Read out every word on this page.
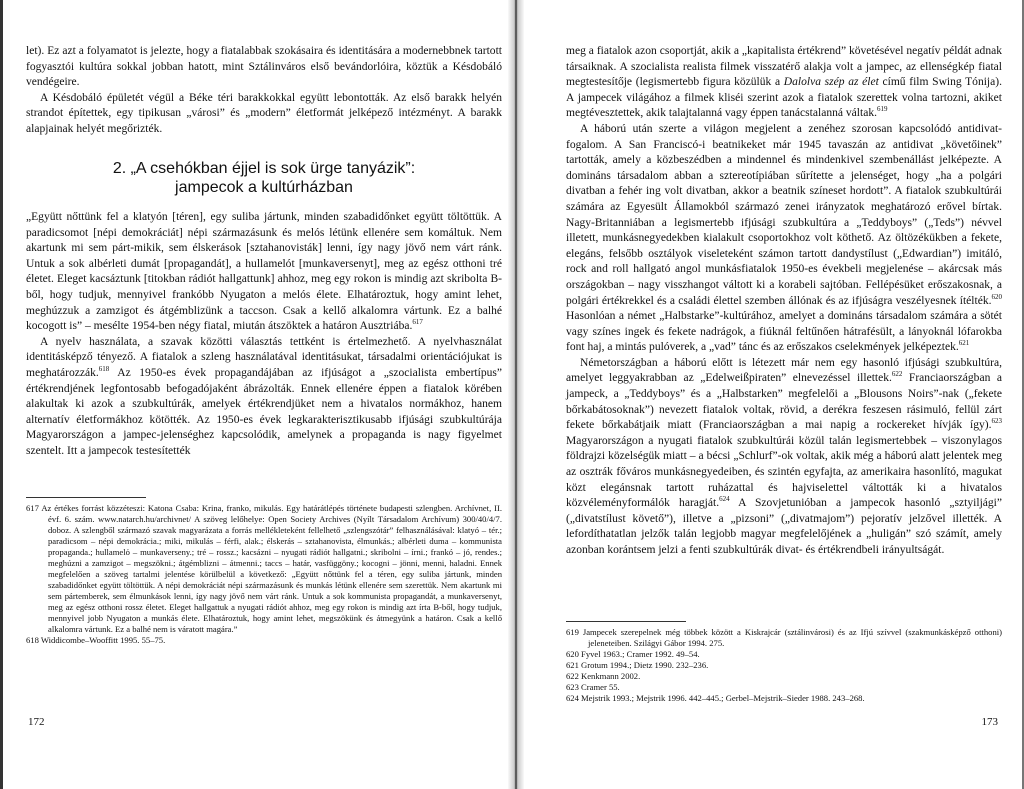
let). Ez azt a folyamatot is jelezte, hogy a fiatalabbak szokásaira és identitására a modernebbnek tartott fogyasztói kultúra sokkal jobban hatott, mint Sztálinváros első bevándorlóira, köztük a Késdobáló vendégeire.

A Késdobáló épületét végül a Béke téri barakkokkal együtt lebontották. Az első barakk helyén strandot építettek, egy tipikusan „városi” és „modern” életformát jelképező intézményt. A barakk alapjainak helyét megőrizték.

2. „A csehókban éjjel is sok ürge tanyázik”:
jampecok a kultúrházban

„Együtt nőttünk fel a klatyón [téren], egy suliba jártunk, minden szabadidőnket együtt töltöttük. A paradicsomot [népi demokráciát] népi származásunk és melós létünk ellenére sem komáltuk. Nem akartunk mi sem párt-mikik, sem élskerások [sztahanovisták] lenni, így nagy jövő nem várt ránk. Untuk a sok albérleti dumát [propagandát], a hullamelót [munkaversenyt], meg az egész otthoni tré életet. Eleget kacsáztunk [titokban rádiót hallgattunk] ahhoz, meg egy rokon is mindig azt skribolta B-ből, hogy tudjuk, mennyivel frankóbb Nyugaton a melós élete. Elhatároztuk, hogy amint lehet, meghúzzuk a zamzigot és átgémblizünk a taccson. Csak a kellő alkalomra vártunk. Ez a balhé kocogott is” – mesélte 1954-ben négy fiatal, miután átszöktek a határon Ausztriába.$^{617}$

A nyelv használata, a szavak közötti választás tettként is értelmezhető. A nyelvhasználat identitásképző tényező. A fiatalok a szleng használatával identitásukat, társadalmi orientációjukat is meghatározzák.$^{618}$ Az 1950-es évek propagandájában az ifjúságot a „szocialista embertípus” értékrendjének legfontosabb befogadójaként ábrázolták. Ennek ellenére éppen a fiatalok körében alakultak ki azok a szubkultúrák, amelyek értékrendjüket nem a hivatalos normákhoz, hanem alternatív életformákhoz kötötték. Az 1950-es évek legkarakterisztikusabb ifjúsági szubkultúrája Magyarországon a jampec-jelenséghez kapcsolódik, amelynek a propaganda is nagy figyelmet szentelt. Itt a jampecok testesítették

617 Az értékes forrást közzéteszi: Katona Csaba: Krina, franko, mikulás. Egy határátlépés története budapesti szlengben. Archívnet, II. évf. 6. szám. www.natarch.hu/archivnet/ A szöveg lelőhelye: Open Society Archives (Nyílt Társadalom Archívum) 300/40/4/7. doboz. A szlengből származó szavak magyarázata a forrás mellékleteként fellelhető „szlengszótár” felhasználásával: klatyó – tér.; paradicsom – népi demokrácia.; miki, mikulás – férfi, alak.; élskerás – sztahanovista, élmunkás.; albérleti duma – kommunista propaganda.; hullamelό – munkaverseny.; tré – rossz.; kacsázni – nyugati rádiót hallgatni.; skribolni – írni.; frankó – jó, rendes.; meghúzni a zamzigot – megszökni.; átgémblizni – átmenni.; taccs – határ, vasfüggöny.; kocogni – jönni, menni, haladni. Ennek megfelelően a szöveg tartalmi jelentése körülbelül a következő: „Együtt nőttünk fel a téren, egy suliba jártunk, minden szabadidőnket együtt töltöttük. A népi demokráciát népi származásunk és munkás létünk ellenére sem szerettük. Nem akartunk mi sem pártemberek, sem élmunkások lenni, így nagy jövő nem várt ránk. Untuk a sok kommunista propagandát, a munkaversenyt, meg az egész otthoni rossz életet. Eleget hallgattuk a nyugati rádiót ahhoz, meg egy rokon is mindig azt írta B-ből, hogy tudjuk, mennyivel jobb Nyugaton a munkás élete. Elhatároztuk, hogy amint lehet, megszökünk és átmegyünk a határon. Csak a kellő alkalomra vártunk. Ez a balhé nem is váratott magára.”

618 Widdicombe–Wooffitt 1995. 55–75.

172

meg a fiatalok azon csoportját, akik a „kapitalista értékrend” követésével negatív példát adnak társaiknak. A szocialista realista filmek visszatérő alakja volt a jampec, az ellenségkép fiatal megtestesítője (legismertebb figura közülük a Dalolva szép az élet című film Swing Tónija). A jampecek világához a filmek kliséi szerint azok a fiatalok szerettek volna tartozni, akiket megtévesztettek, akik talajtalanná vagy éppen tanácstalanná váltak.$^{619}$

A háború után szerte a világon megjelent a zenéhez szorosan kapcsolódó antidivat-fogalom. A San Franciscó-i beatnikeket már 1945 tavaszán az antidivat „követőinek” tartották, amely a közbeszédben a mindennel és mindenkivel szembenállást jelképezte. A domináns társadalom abban a sztereotípiában sűrítette a jelenséget, hogy „ha a polgári divatban a fehér ing volt divatban, akkor a beatnik színeset hordott”. A fiatalok szubkultúrái számára az Egyesült Államokból származó zenei irányzatok meghatározó erővel bírtak. Nagy-Britanniában a legismertebb ifjúsági szubkultúra a „Teddyboys” („Teds”) névvel illetett, munkásnegyedekben kialakult csoportokhoz volt köthető. Az öltözékükben a fekete, elegáns, felsőbb osztályok viseleteként számon tartott dandystílust („Edwardian”) imitáló, rock and roll hallgató angol munkásfiatalok 1950-es évekbeli megjelenése – akárcsak más országokban – nagy visszhangot váltott ki a korabeli sajtóban. Fellépésüket erőszakosnak, a polgári értékrekkel és a családi élettel szemben állónak és az ifjúságra veszélyesnek ítélték.$^{620}$ Hasonlóan a német „Halbstarke”-kultúrához, amelyet a domináns társadalom számára a sötét vagy színes ingek és fekete nadrágok, a fiúknál feltűnően hátrafésült, a lányoknál lófarokba font haj, a mintás pulóverek, a „vad” tánc és az erőszakos cselekmények jelképeztek.$^{621}$

Németországban a háború előtt is létezett már nem egy hasonló ifjúsági szubkultúra, amelyet leggyakrabban az „Edelweißpiraten” elnevezéssel illettek.$^{622}$ Franciaországban a jampeck, a „Teddyboys” és a „Halbstarken” megfelelői a „Blousons Noirs”-nak („fekete bőrkabátosoknak”) nevezett fiatalok voltak, rövid, a derékra feszesen rásimuló, fellül zárt fekete bőrkabátjaik miatt (Franciaországban a mai napig a rockereket hívják így).$^{623}$ Magyarországon a nyugati fiatalok szubkultúrái közül talán legismertebbek – viszonylagos földrajzi közelségük miatt – a bécsi „Schlurf”-ok voltak, akik még a háború alatt jelentek meg az osztrák főváros munkásnegyedeiben, és szintén egyfajta, az amerikaira hasonlító, magukat közt elegánsnak tartott ruházattal és hajviselettel váltották ki a hivatalos közvéleményformálók haragját.$^{624}$ A Szovjetunióban a jampecok hasonló „sztyiljági” („divatstílust követő”), illetve a „pizsoni” („divatmajom”) pejoratív jelzővel illették. A lefordíthatatlan jelzők talán legjobb magyar megfelelőjének a „huligán” szó számít, amely azonban korántsem jelzi a fenti szubkultúrák divat- és értékrendbeli irányultságát.

619 Jampecek szerepelnek még többek között a Kiskrajcár (sztálinvárosi) és az Ifjú szívvel (szakmunkásképző otthoni) jeleneteiben. Szilágyi Gábor 1994. 275.

620 Fyvel 1963.; Cramer 1992. 49–54.

621 Grotum 1994.; Dietz 1990. 232–236.

622 Kenkmann 2002.

623 Cramer 55.

624 Mejstrik 1993.; Mejstrik 1996. 442–445.; Gerbel–Mejstrik–Sieder 1988. 243–268.

173
